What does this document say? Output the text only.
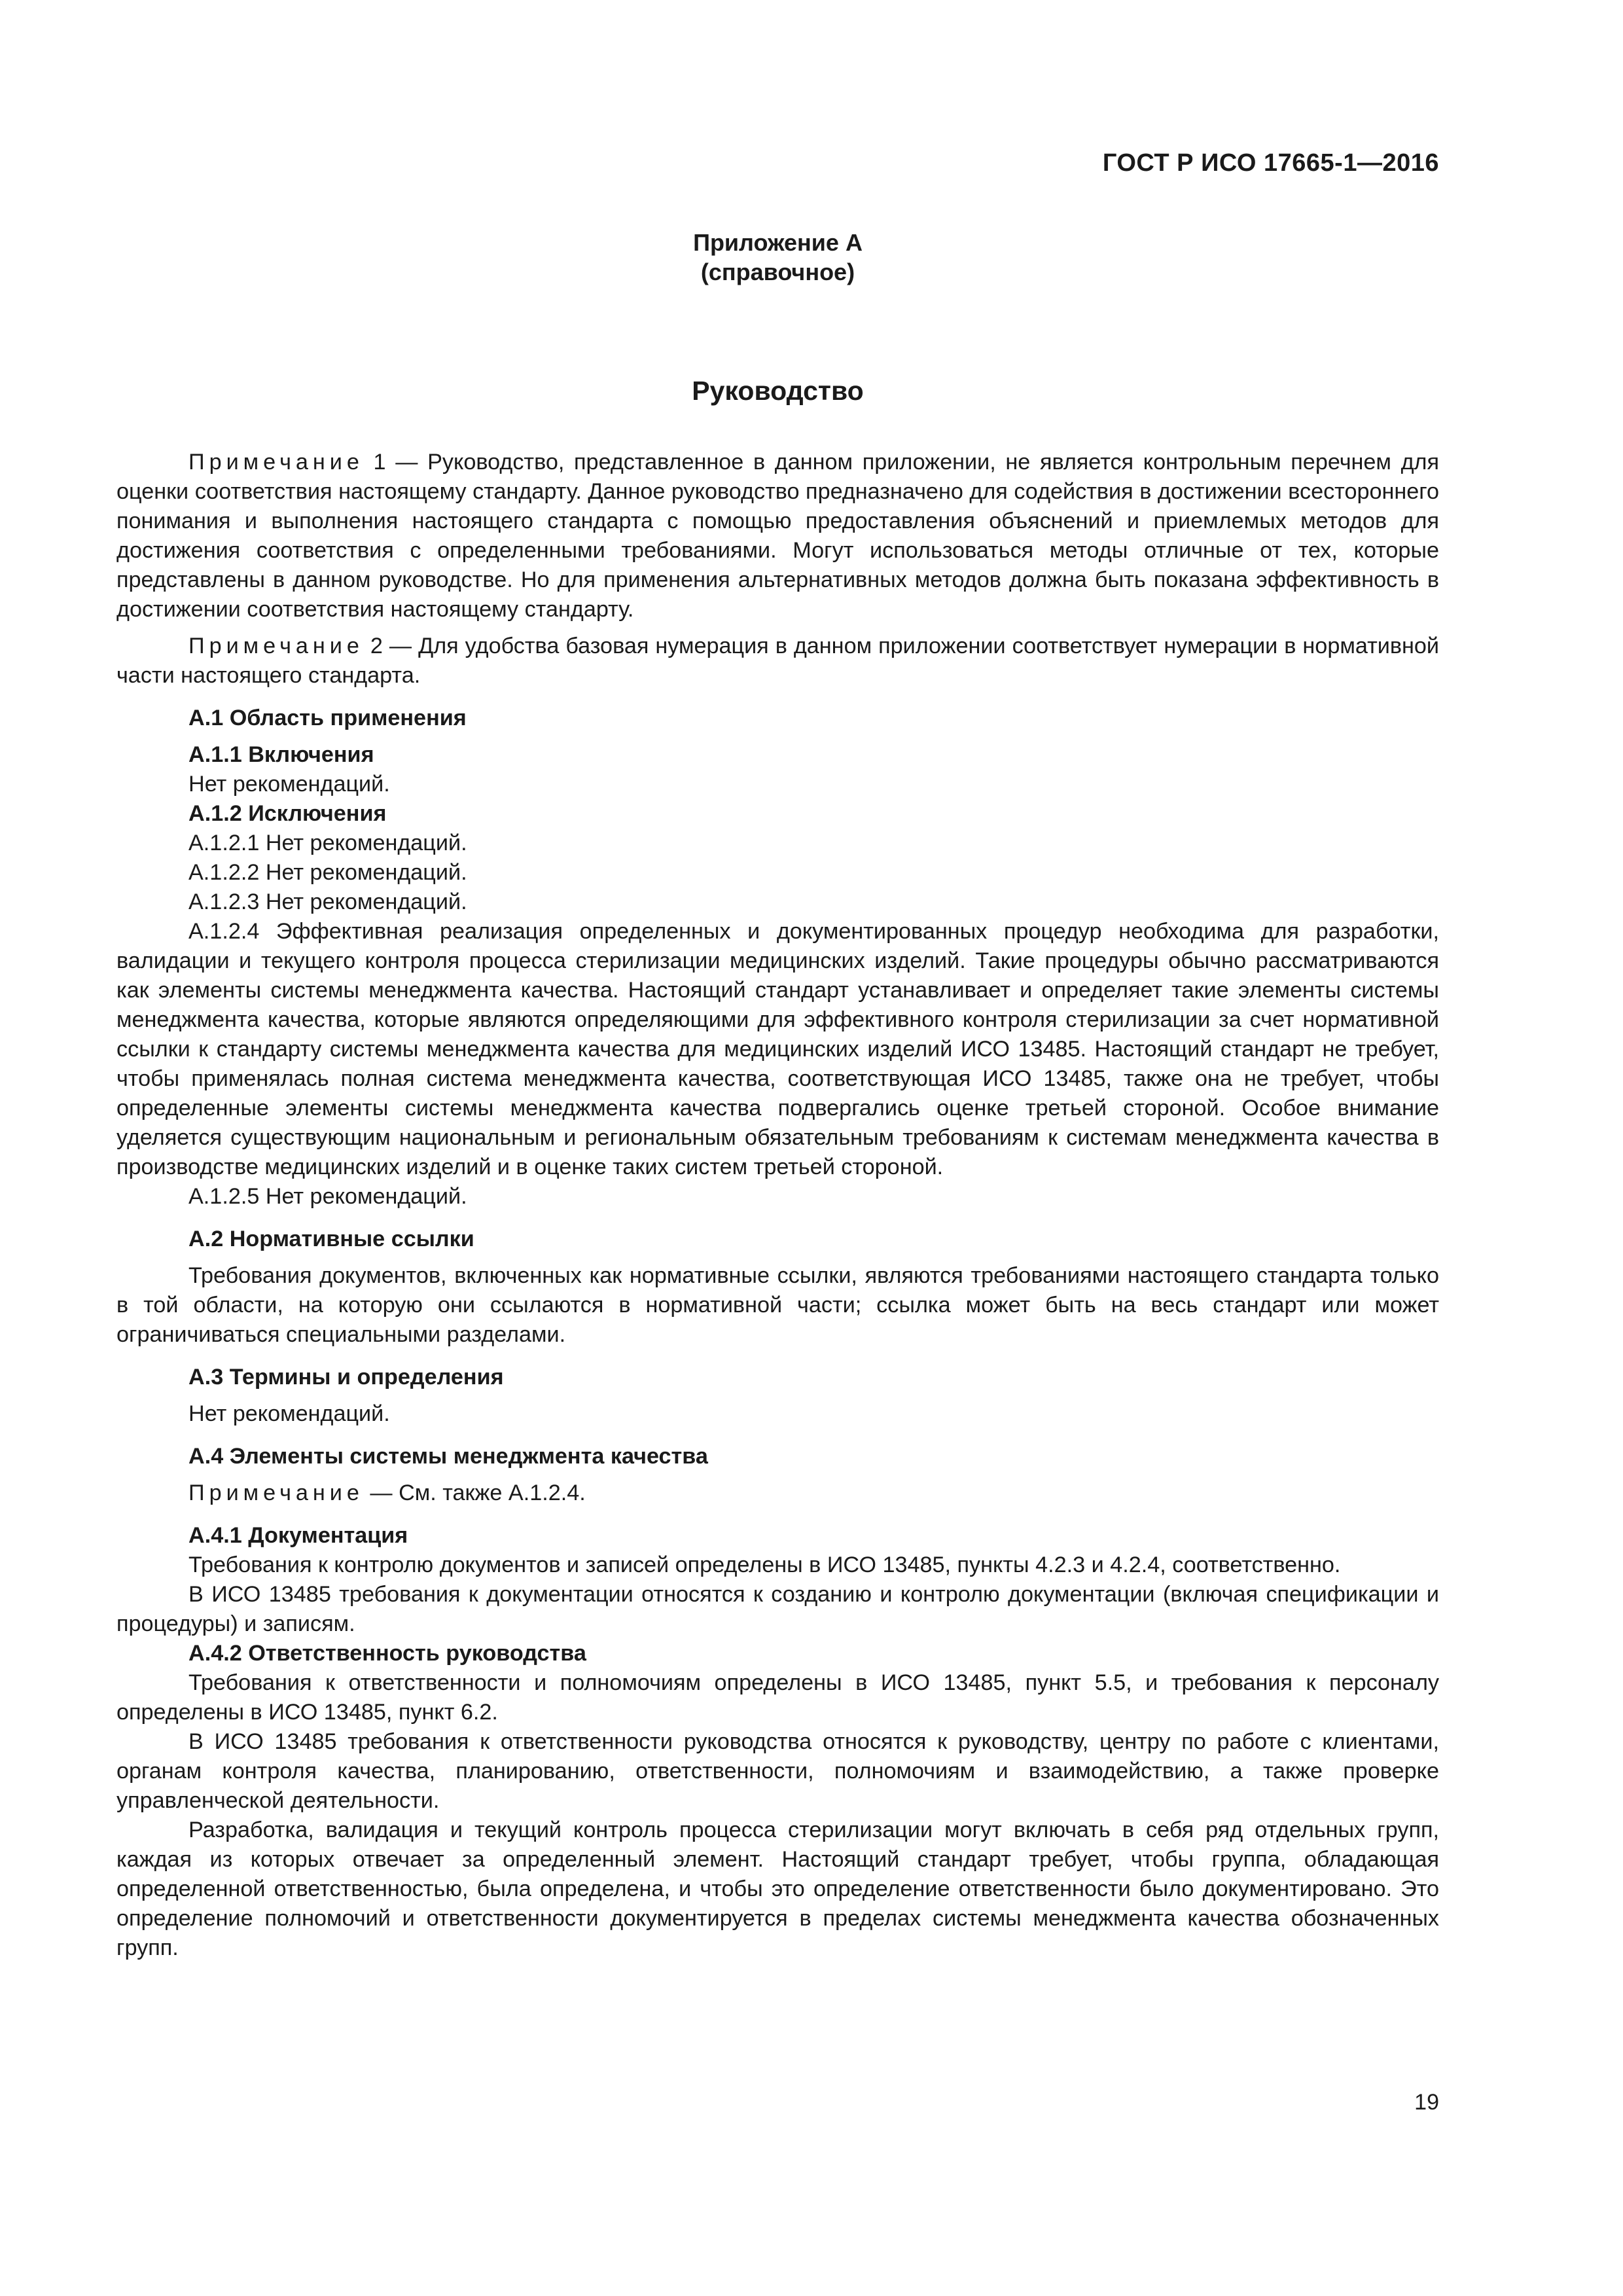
ГОСТ Р ИСО 17665-1—2016
Приложение А
(справочное)
Руководство

Примечание 1 — Руководство, представленное в данном приложении, не является контрольным перечнем для оценки соответствия настоящему стандарту. Данное руководство предназначено для содействия в достижении всестороннего понимания и выполнения настоящего стандарта с помощью предоставления объяснений и приемлемых методов для достижения соответствия с определенными требованиями. Могут использоваться методы отличные от тех, которые представлены в данном руководстве. Но для применения альтернативных методов должна быть показана эффективность в достижении соответствия настоящему стандарту.

Примечание 2 — Для удобства базовая нумерация в данном приложении соответствует нумерации в нормативной части настоящего стандарта.

А.1 Область применения

А.1.1 Включения

Нет рекомендаций.

А.1.2 Исключения

А.1.2.1 Нет рекомендаций.

А.1.2.2 Нет рекомендаций.

А.1.2.3 Нет рекомендаций.

А.1.2.4 Эффективная реализация определенных и документированных процедур необходима для разработки, валидации и текущего контроля процесса стерилизации медицинских изделий. Такие процедуры обычно рассматриваются как элементы системы менеджмента качества. Настоящий стандарт устанавливает и определяет такие элементы системы менеджмента качества, которые являются определяющими для эффективного контроля стерилизации за счет нормативной ссылки к стандарту системы менеджмента качества для медицинских изделий ИСО 13485. Настоящий стандарт не требует, чтобы применялась полная система менеджмента качества, соответствующая ИСО 13485, также она не требует, чтобы определенные элементы системы менеджмента качества подвергались оценке третьей стороной. Особое внимание уделяется существующим национальным и региональным обязательным требованиям к системам менеджмента качества в производстве медицинских изделий и в оценке таких систем третьей стороной.

А.1.2.5 Нет рекомендаций.

А.2 Нормативные ссылки

Требования документов, включенных как нормативные ссылки, являются требованиями настоящего стандарта только в той области, на которую они ссылаются в нормативной части; ссылка может быть на весь стандарт или может ограничиваться специальными разделами.

А.3 Термины и определения

Нет рекомендаций.

А.4 Элементы системы менеджмента качества

Примечание — См. также А.1.2.4.

А.4.1 Документация

Требования к контролю документов и записей определены в ИСО 13485, пункты 4.2.3 и 4.2.4, соответственно.

В ИСО 13485 требования к документации относятся к созданию и контролю документации (включая спецификации и процедуры) и записям.

А.4.2 Ответственность руководства

Требования к ответственности и полномочиям определены в ИСО 13485, пункт 5.5, и требования к персоналу определены в ИСО 13485, пункт 6.2.

В ИСО 13485 требования к ответственности руководства относятся к руководству, центру по работе с клиентами, органам контроля качества, планированию, ответственности, полномочиям и взаимодействию, а также проверке управленческой деятельности.

Разработка, валидация и текущий контроль процесса стерилизации могут включать в себя ряд отдельных групп, каждая из которых отвечает за определенный элемент. Настоящий стандарт требует, чтобы группа, обладающая определенной ответственностью, была определена, и чтобы это определение ответственности было документировано. Это определение полномочий и ответственности документируется в пределах системы менеджмента качества обозначенных групп.

19
